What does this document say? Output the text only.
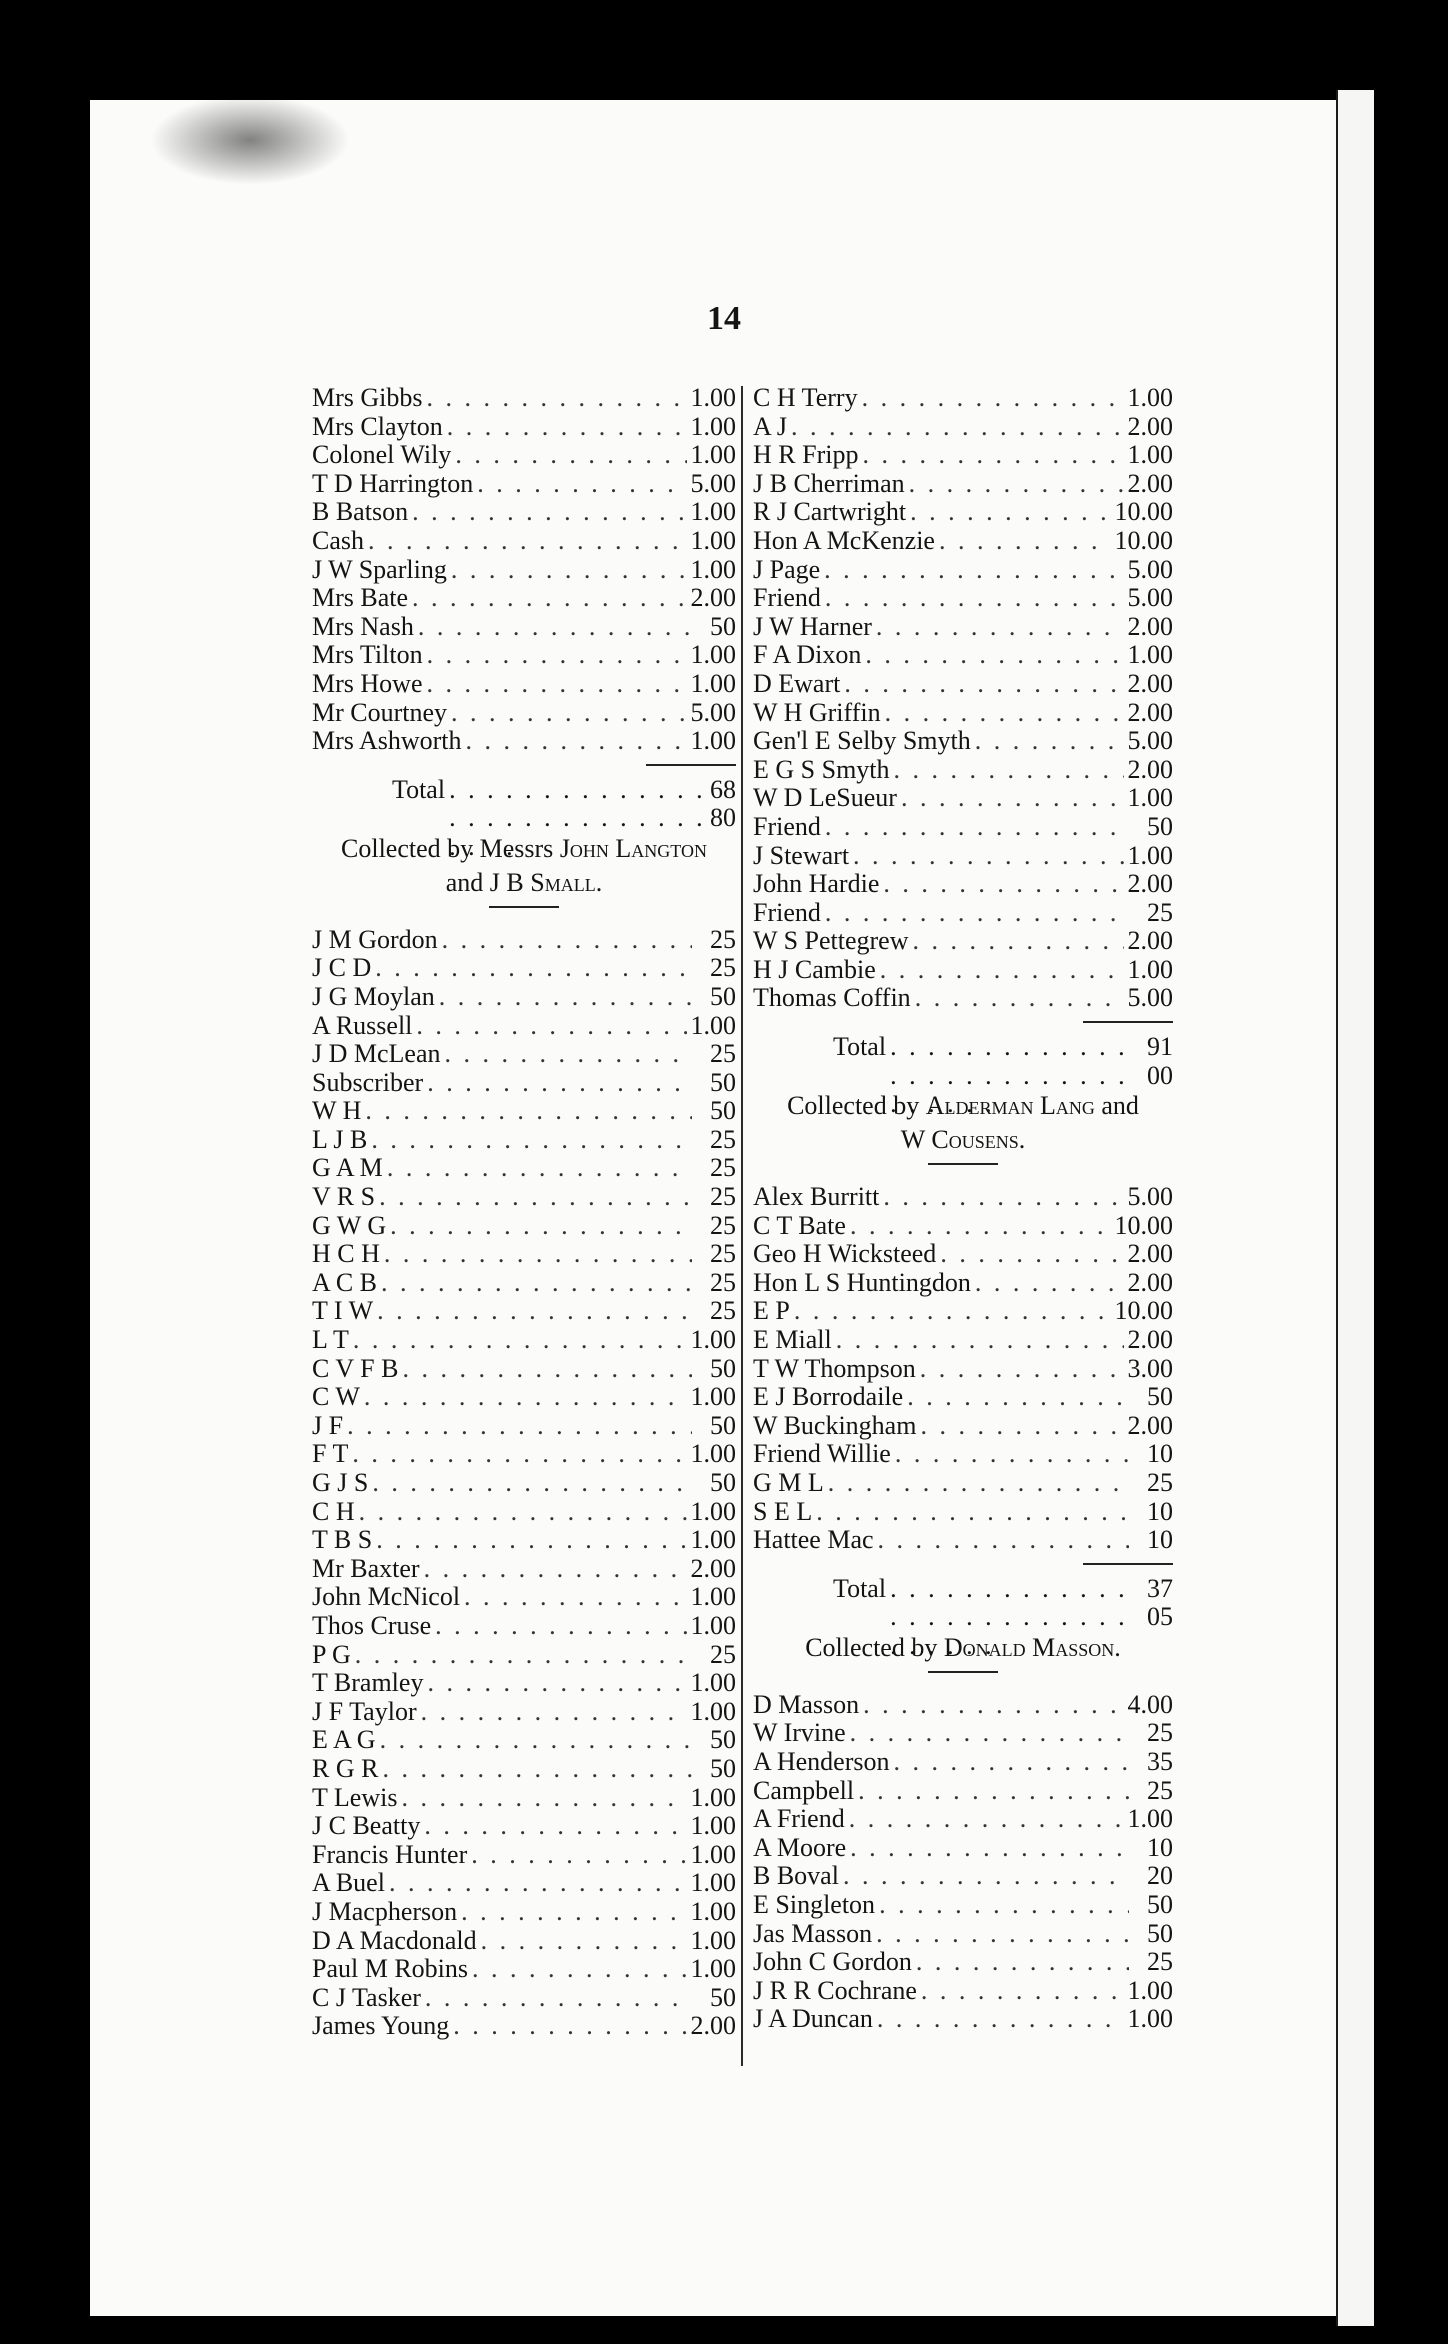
14
Mrs Gibbs . . .	1.00
Mrs Clayton . . .	1.00
Colonel Wily . . .	1.00
T D Harrington . . .	5.00
B Batson . . .	1.00
Cash . . .	1.00
J W Sparling . . .	1.00
Mrs Bate . . .	2.00
Mrs Nash . . .	50
Mrs Tilton . . .	1.00
Mrs Howe . . .	1.00
Mr Courtney . . .	5.00
Mrs Ashworth . . .	1.00
Total . . .	68 80
Collected by Messrs John Langton
and J B Small.
J M Gordon . . .	25
J C D . . .	25
J G Moylan . . .	50
A Russell . . .	1.00
J D McLean . . .	25
Subscriber . . .	50
W H . . .	50
L J B . . .	25
G A M . . .	25
V R S . . .	25
G W G . . .	25
H C H . . .	25
A C B . . .	25
T I W . . .	25
L T . . .	1.00
C V F B . . .	50
C W . . .	1.00
J F . . .	50
F T . . .	1.00
G J S . . .	50
C H . . .	1.00
T B S . . .	1.00
Mr Baxter . . .	2.00
John McNicol . . .	1.00
Thos Cruse . . .	1.00
P G . . .	25
T Bramley . . .	1.00
J F Taylor . . .	1.00
E A G . . .	50
R G R . . .	50
T Lewis . . .	1.00
J C Beatty . . .	1.00
Francis Hunter . . .	1.00
A Buel . . .	1.00
J Macpherson . . .	1.00
D A Macdonald . . .	1.00
Paul M Robins . . .	1.00
C J Tasker . . .	50
James Young . . .	2.00
C H Terry . . .	1.00
A J . . .	2.00
H R Fripp . . .	1.00
J B Cherriman . . .	2.00
R J Cartwright . . .	10.00
Hon A McKenzie . . .	10.00
J Page . . .	5.00
Friend . . .	5.00
J W Harner . . .	2.00
F A Dixon . . .	1.00
D Ewart . . .	2.00
W H Griffin . . .	2.00
Gen'l E Selby Smyth . . .	5.00
E G S Smyth . . .	2.00
W D LeSueur . . .	1.00
Friend . . .	50
J Stewart . . .	1.00
John Hardie . . .	2.00
Friend . . .	25
W S Pettegrew . . .	2.00
H J Cambie . . .	1.00
Thomas Coffin . . .	5.00
Total . . .	91 00
Collected by Alderman Lang and
W Cousens.
Alex Burritt . . .	5.00
C T Bate . . .	10.00
Geo H Wicksteed . . .	2.00
Hon L S Huntingdon . . .	2.00
E P . . .	10.00
E Miall . . .	2.00
T W Thompson . . .	3.00
E J Borrodaile . . .	50
W Buckingham . . .	2.00
Friend Willie . . .	10
G M L . . .	25
S E L . . .	10
Hattee Mac . . .	10
Total . . .	37 05
Collected by Donald Masson.
D Masson . . .	4.00
W Irvine . . .	25
A Henderson . . .	35
Campbell . . .	25
A Friend . . .	1.00
A Moore . . .	10
B Boval . . .	20
E Singleton . . .	50
Jas Masson . . .	50
John C Gordon . . .	25
J R R Cochrane . . .	1.00
J A Duncan . . .	1.00
